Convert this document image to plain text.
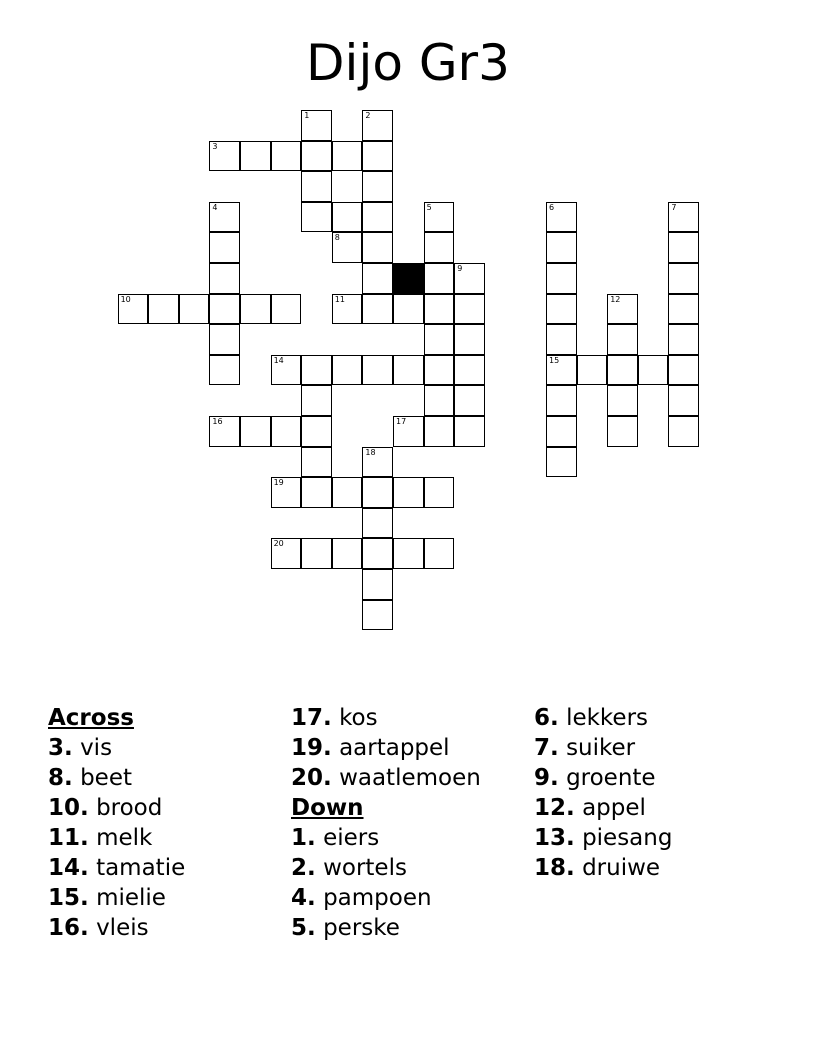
Dijo Gr3
1	2
3
4	5	6	7
8
9
10	11	12
14	15
16	17
18
19
20
Across
3. vis
8. beet
10. brood
11. melk
14. tamatie
15. mielie
16. vleis
17. kos
19. aartappel
20. waatlemoen
Down
1. eiers
2. wortels
4. pampoen
5. perske
6. lekkers
7. suiker
9. groente
12. appel
13. piesang
18. druiwe
